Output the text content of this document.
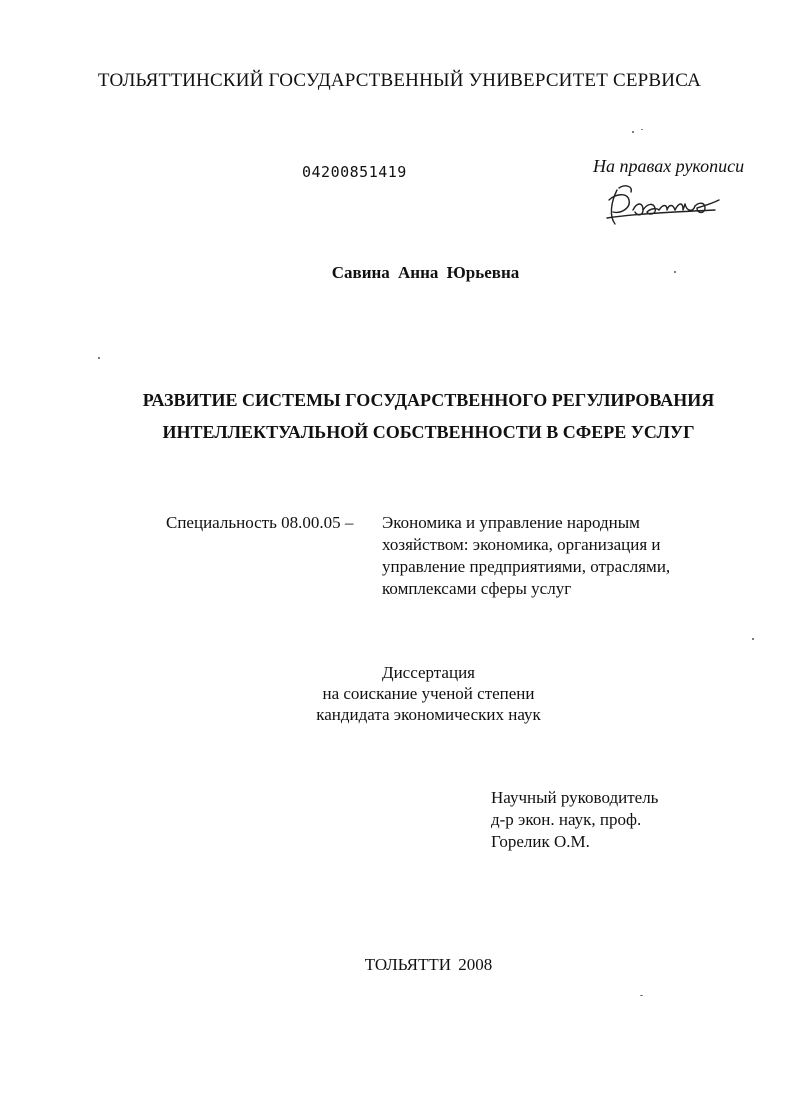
ТОЛЬЯТТИНСКИЙ ГОСУДАРСТВЕННЫЙ УНИВЕРСИТЕТ СЕРВИСА
04200851419	На правах рукописи
Савина Анна Юрьевна
РАЗВИТИЕ СИСТЕМЫ ГОСУДАРСТВЕННОГО РЕГУЛИРОВАНИЯ
ИНТЕЛЛЕКТУАЛЬНОЙ СОБСТВЕННОСТИ В СФЕРЕ УСЛУГ
Специальность 08.00.05 – Экономика и управление народным
хозяйством: экономика, организация и
управление предприятиями, отраслями,
комплексами сферы услуг
Диссертация
на соискание ученой степени
кандидата экономических наук
Научный руководитель
д-р экон. наук, проф.
Горелик О.М.
ТОЛЬЯТТИ 2008
